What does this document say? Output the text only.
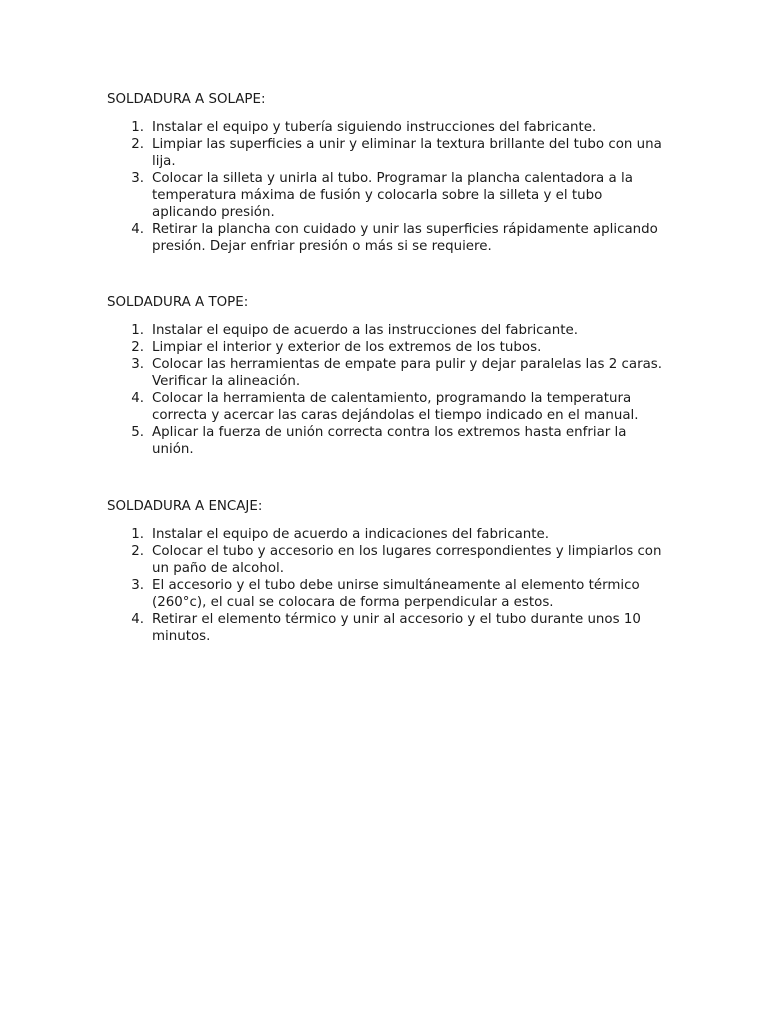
SOLDADURA A SOLAPE:
1. Instalar el equipo y tubería siguiendo instrucciones del fabricante.
2. Limpiar las superficies a unir y eliminar la textura brillante del tubo con una lija.
3. Colocar la silleta y unirla al tubo. Programar la plancha calentadora a la temperatura máxima de fusión y colocarla sobre la silleta y el tubo aplicando presión.
4. Retirar la plancha con cuidado y unir las superficies rápidamente aplicando presión. Dejar enfriar presión o más si se requiere.
SOLDADURA A TOPE:
1. Instalar el equipo de acuerdo a las instrucciones del fabricante.
2. Limpiar el interior y exterior de los extremos de los tubos.
3. Colocar las herramientas de empate para pulir y dejar paralelas las 2 caras. Verificar la alineación.
4. Colocar la herramienta de calentamiento, programando la temperatura correcta y acercar las caras dejándolas el tiempo indicado en el manual.
5. Aplicar la fuerza de unión correcta contra los extremos hasta enfriar la unión.
SOLDADURA A ENCAJE:
1. Instalar el equipo de acuerdo a indicaciones del fabricante.
2. Colocar el tubo y accesorio en los lugares correspondientes y limpiarlos con un paño de alcohol.
3. El accesorio y el tubo debe unirse simultáneamente al elemento térmico (260°c), el cual se colocara de forma perpendicular a estos.
4. Retirar el elemento térmico y unir al accesorio y el tubo durante unos 10 minutos.
